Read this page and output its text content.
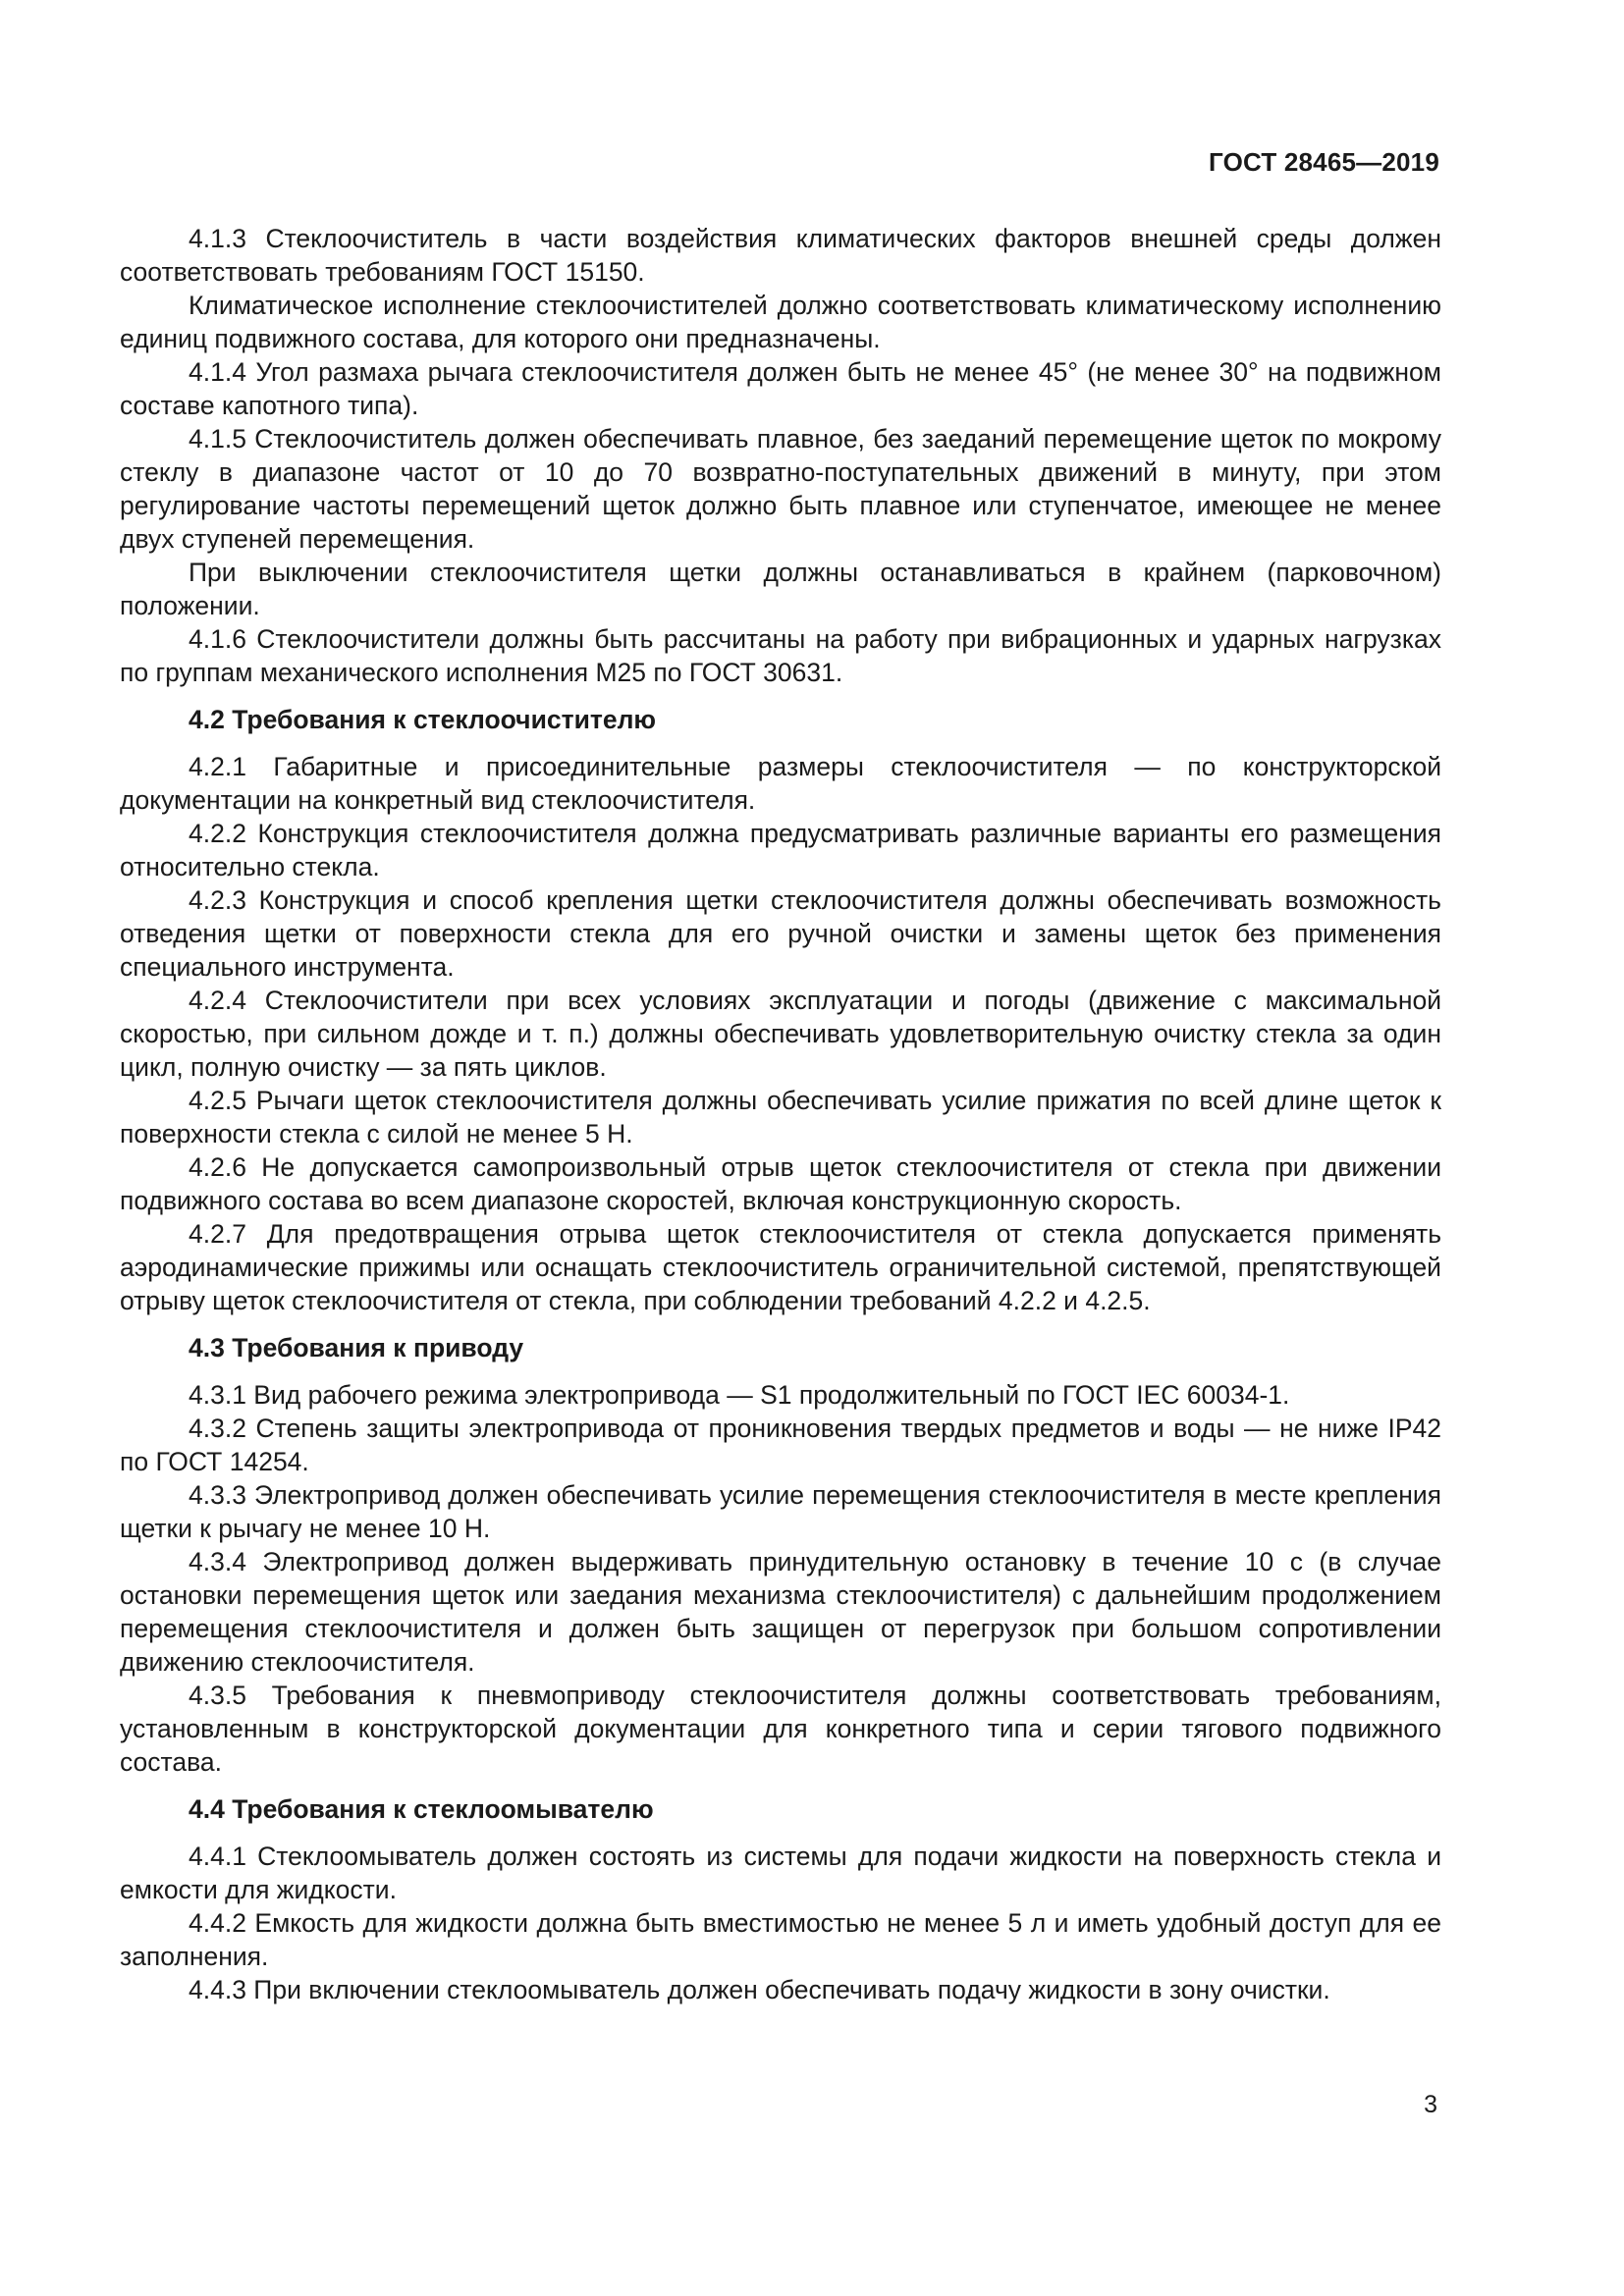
ГОСТ 28465—2019

4.1.3 Стеклоочиститель в части воздействия климатических факторов внешней среды должен соответствовать требованиям ГОСТ 15150.

Климатическое исполнение стеклоочистителей должно соответствовать климатическому исполнению единиц подвижного состава, для которого они предназначены.

4.1.4 Угол размаха рычага стеклоочистителя должен быть не менее 45° (не менее 30° на подвижном составе капотного типа).

4.1.5 Стеклоочиститель должен обеспечивать плавное, без заеданий перемещение щеток по мокрому стеклу в диапазоне частот от 10 до 70 возвратно-поступательных движений в минуту, при этом регулирование частоты перемещений щеток должно быть плавное или ступенчатое, имеющее не менее двух ступеней перемещения.

При выключении стеклоочистителя щетки должны останавливаться в крайнем (парковочном) положении.

4.1.6 Стеклоочистители должны быть рассчитаны на работу при вибрационных и ударных нагрузках по группам механического исполнения М25 по ГОСТ 30631.

4.2 Требования к стеклоочистителю

4.2.1 Габаритные и присоединительные размеры стеклоочистителя — по конструкторской документации на конкретный вид стеклоочистителя.

4.2.2 Конструкция стеклоочистителя должна предусматривать различные варианты его размещения относительно стекла.

4.2.3 Конструкция и способ крепления щетки стеклоочистителя должны обеспечивать возможность отведения щетки от поверхности стекла для его ручной очистки и замены щеток без применения специального инструмента.

4.2.4 Стеклоочистители при всех условиях эксплуатации и погоды (движение с максимальной скоростью, при сильном дожде и т. п.) должны обеспечивать удовлетворительную очистку стекла за один цикл, полную очистку — за пять циклов.

4.2.5 Рычаги щеток стеклоочистителя должны обеспечивать усилие прижатия по всей длине щеток к поверхности стекла с силой не менее 5 Н.

4.2.6 Не допускается самопроизвольный отрыв щеток стеклоочистителя от стекла при движении подвижного состава во всем диапазоне скоростей, включая конструкционную скорость.

4.2.7 Для предотвращения отрыва щеток стеклоочистителя от стекла допускается применять аэродинамические прижимы или оснащать стеклоочиститель ограничительной системой, препятствующей отрыву щеток стеклоочистителя от стекла, при соблюдении требований 4.2.2 и 4.2.5.

4.3 Требования к приводу

4.3.1 Вид рабочего режима электропривода — S1 продолжительный по ГОСТ IEC 60034-1.

4.3.2 Степень защиты электропривода от проникновения твердых предметов и воды — не ниже IP42 по ГОСТ 14254.

4.3.3 Электропривод должен обеспечивать усилие перемещения стеклоочистителя в месте крепления щетки к рычагу не менее 10 Н.

4.3.4 Электропривод должен выдерживать принудительную остановку в течение 10 с (в случае остановки перемещения щеток или заедания механизма стеклоочистителя) с дальнейшим продолжением перемещения стеклоочистителя и должен быть защищен от перегрузок при большом сопротивлении движению стеклоочистителя.

4.3.5 Требования к пневмоприводу стеклоочистителя должны соответствовать требованиям, установленным в конструкторской документации для конкретного типа и серии тягового подвижного состава.

4.4 Требования к стеклоомывателю

4.4.1 Стеклоомыватель должен состоять из системы для подачи жидкости на поверхность стекла и емкости для жидкости.

4.4.2 Емкость для жидкости должна быть вместимостью не менее 5 л и иметь удобный доступ для ее заполнения.

4.4.3 При включении стеклоомыватель должен обеспечивать подачу жидкости в зону очистки.

3
